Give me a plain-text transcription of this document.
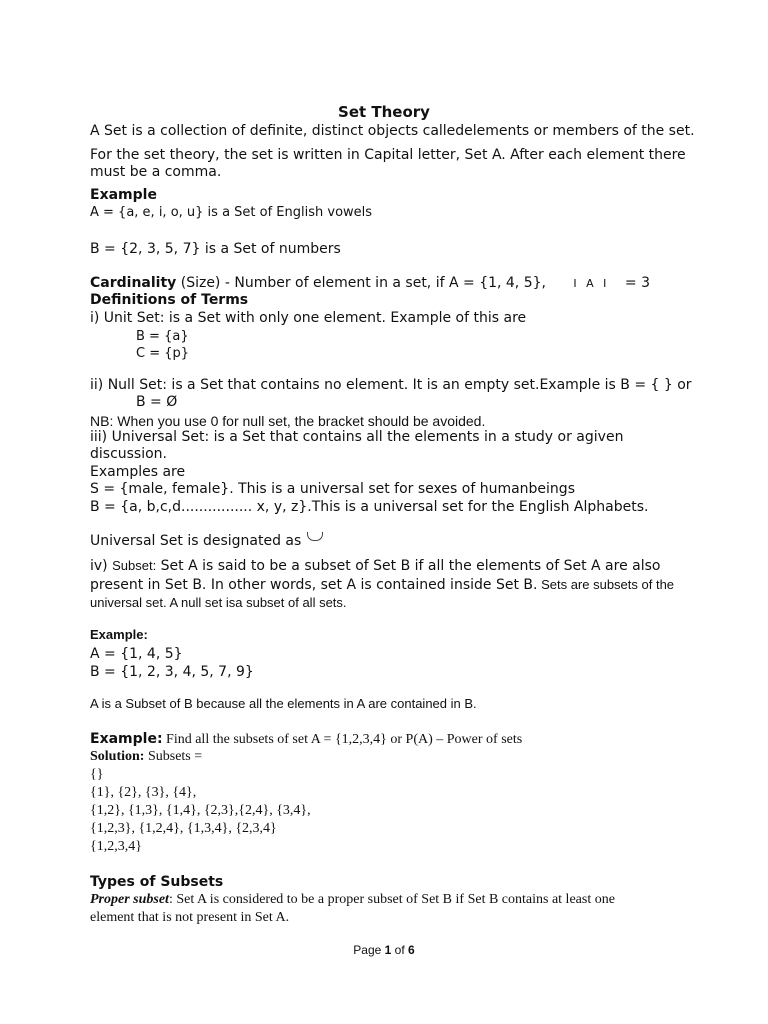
Set Theory
A Set is a collection of definite, distinct objects calledelements or members of the set.
For the set theory, the set is written in Capital letter, Set A. After each element there
must be a comma.
Example
A = {a, e, i, o, u} is a Set of English vowels
B = {2, 3, 5, 7} is a Set of numbers
Cardinality (Size) - Number of element in a set, if A = {1, 4, 5}, I A I = 3
Definitions of Terms
i) Unit Set: is a Set with only one element. Example of this are
B = {a}
C = {p}
ii) Null Set: is a Set that contains no element. It is an empty set.Example is B = { } or
B = Ø
NB: When you use 0 for null set, the bracket should be avoided.
iii) Universal Set: is a Set that contains all the elements in a study or agiven
discussion.
Examples are
S = {male, female}. This is a universal set for sexes of humanbeings
B = {a, b,c,d................ x, y, z}.This is a universal set for the English Alphabets.
Universal Set is designated as
iv) Subset: Set A is said to be a subset of Set B if all the elements of Set A are also
present in Set B. In other words, set A is contained inside Set B. Sets are subsets of the
universal set. A null set isa subset of all sets.
Example:
A = {1, 4, 5}
B = {1, 2, 3, 4, 5, 7, 9}
A is a Subset of B because all the elements in A are contained in B.
Example: Find all the subsets of set A = {1,2,3,4} or P(A) – Power of sets
Solution: Subsets =
{}
{1}, {2}, {3}, {4},
{1,2}, {1,3}, {1,4}, {2,3},{2,4}, {3,4},
{1,2,3}, {1,2,4}, {1,3,4}, {2,3,4}
{1,2,3,4}
Types of Subsets
Proper subset: Set A is considered to be a proper subset of Set B if Set B contains at least one
element that is not present in Set A.
Page 1 of 6
